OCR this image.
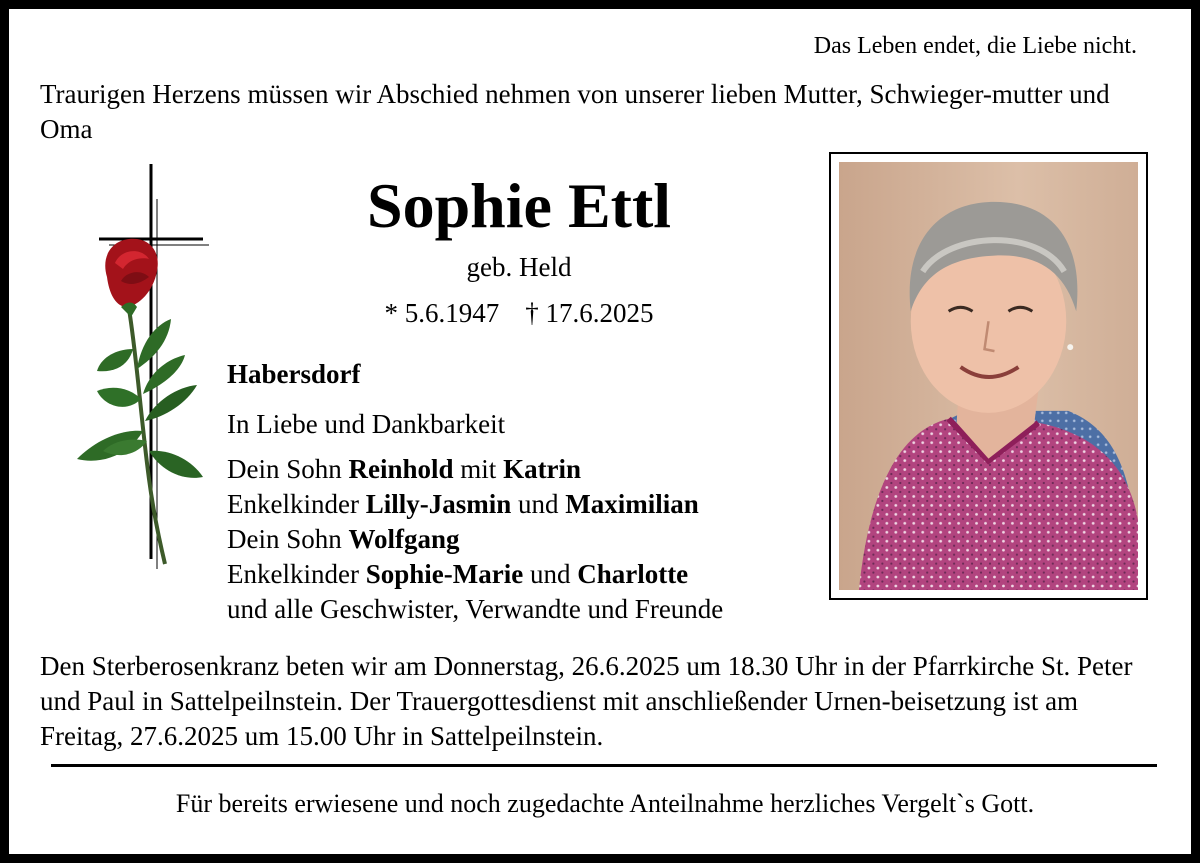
Das Leben endet, die Liebe nicht.
Traurigen Herzens müssen wir Abschied nehmen von unserer lieben Mutter, Schwieger-mutter und Oma
Sophie Ettl
geb. Held
* 5.6.1947 † 17.6.2025
Habersdorf
In Liebe und Dankbarkeit
Dein Sohn Reinhold mit Katrin
Enkelkinder Lilly-Jasmin und Maximilian
Dein Sohn Wolfgang
Enkelkinder Sophie-Marie und Charlotte
und alle Geschwister, Verwandte und Freunde
Den Sterberosenkranz beten wir am Donnerstag, 26.6.2025 um 18.30 Uhr in der Pfarrkirche St. Peter und Paul in Sattelpeilnstein. Der Trauergottesdienst mit anschließender Urnen-beisetzung ist am Freitag, 27.6.2025 um 15.00 Uhr in Sattelpeilnstein.
Für bereits erwiesene und noch zugedachte Anteilnahme herzliches Vergelt`s Gott.
